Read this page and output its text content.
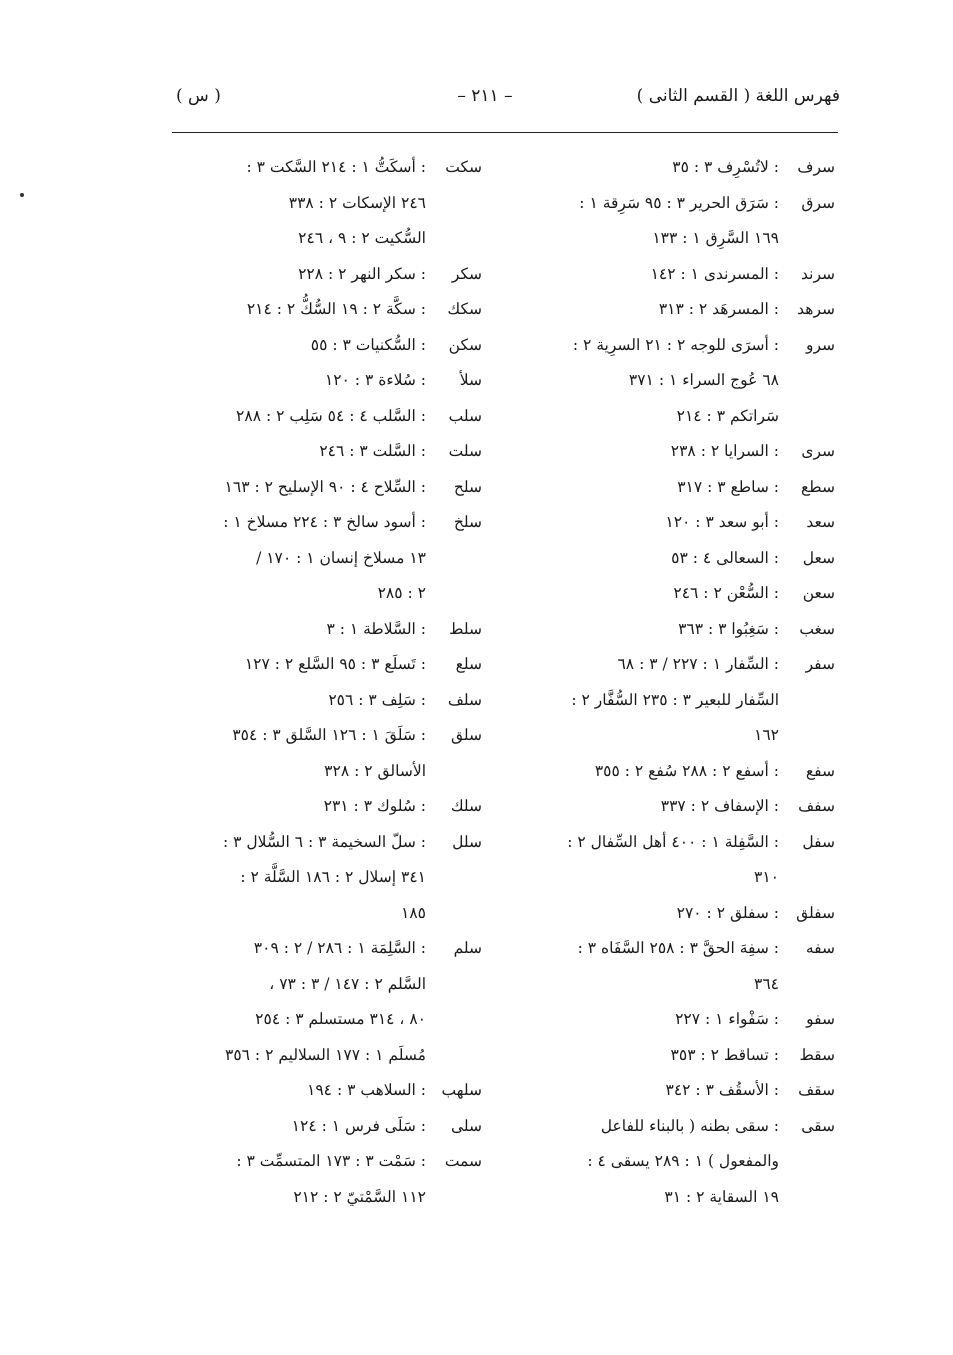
فهرس اللغة ( القسم الثانى )
– ٢١١ –
( س )
سرف
: لاتُسْرِف ٣ : ٣٥
سرق
: سَرَق الحرير ٣ : ٩٥ سَرِقة ١ :
١٦٩ السَّرِق ١ : ١٣٣
سرند
: المسرندى ١ : ١٤٢
سرهد
: المسرهَد ٢ : ٣١٣
سرو
: أسرَى للوجه ٢ : ٢١ السرِية ٢ :
٦٨ عُوج السراء ١ : ٣٧١
سَراتكم ٣ : ٢١٤
سرى
: السرايا ٢ : ٢٣٨
سطع
: ساطع ٣ : ٣١٧
سعد
: أبو سعد ٣ : ١٢٠
سعل
: السعالى ٤ : ٥٣
سعن
: السُّعْن ٢ : ٢٤٦
سغب
: سَغِبُوا ٣ : ٣٦٣
سفر
: السِّفار ١ : ٢٢٧ / ٣ : ٦٨
السِّفار للبعير ٣ : ٢٣٥ السُّفَّار ٢ :
١٦٢
سفع
: أسفع ٢ : ٢٨٨ سُفع ٢ : ٣٥٥
سفف
: الإسفاف ٢ : ٣٣٧
سفل
: السَّفِلة ١ : ٤٠٠ أهل السِّفال ٢ :
٣١٠
سفلق
: سفلق ٢ : ٢٧٠
سفه
: سفِهَ الحقَّ ٣ : ٢٥٨ السَّفَاه ٣ :
٣٦٤
سفو
: سَفْواء ١ : ٢٢٧
سقط
: تساقط ٢ : ٣٥٣
سقف
: الأسقُف ٣ : ٣٤٢
سقى
: سقى بطنه ( بالبناء للفاعل
والمفعول ) ١ : ٢٨٩ يسقى ٤ :
١٩ السقاية ٢ : ٣١
سكت
: أسكَتُّ ١ : ٢١٤ السَّكت ٣ :
٢٤٦ الإسكات ٢ : ٣٣٨
السُّكيت ٢ : ٩ ، ٢٤٦
سكر
: سكر النهر ٢ : ٢٢٨
سكك
: سكَّة ٢ : ١٩ السُّكُّ ٢ : ٢١٤
سكن
: السُّكنيات ٣ : ٥٥
سلأ
: سُلاءة ٣ : ١٢٠
سلب
: السَّلب ٤ : ٥٤ سَلِب ٢ : ٢٨٨
سلت
: السَّلت ٣ : ٢٤٦
سلح
: السِّلاح ٤ : ٩٠ الإسليح ٢ : ١٦٣
سلخ
: أسود سالخ ٣ : ٢٢٤ مسلاخ ١ :
١٣ مسلاخ إنسان ١ : ١٧٠ /
٢ : ٢٨٥
سلط
: السَّلاطة ١ : ٣
سلع
: تَسلَع ٣ : ٩٥ السَّلع ٢ : ١٢٧
سلف
: سَلِف ٣ : ٢٥٦
سلق
: سَلَقَ ١ : ١٢٦ السَّلق ٣ : ٣٥٤
الأسالق ٢ : ٣٢٨
سلك
: سُلوك ٣ : ٢٣١
سلل
: سلّ السخيمة ٣ : ٦ السُّلال ٣ :
٣٤١ إسلال ٢ : ١٨٦ السَّلَّة ٢ :
١٨٥
سلم
: السَّلِمَة ١ : ٢٨٦ / ٢ : ٣٠٩
السَّلم ٢ : ١٤٧ / ٣ : ٧٣ ،
٨٠ ، ٣١٤ مستسلم ٣ : ٢٥٤
مُسلَم ١ : ١٧٧ السلاليم ٢ : ٣٥٦
سلهب
: السلاهب ٣ : ١٩٤
سلى
: سَلَى فرس ١ : ١٢٤
سمت
: سَمْت ٣ : ١٧٣ المتسمِّت ٣ :
١١٢ السَّمْتيّ ٢ : ٢١٢
